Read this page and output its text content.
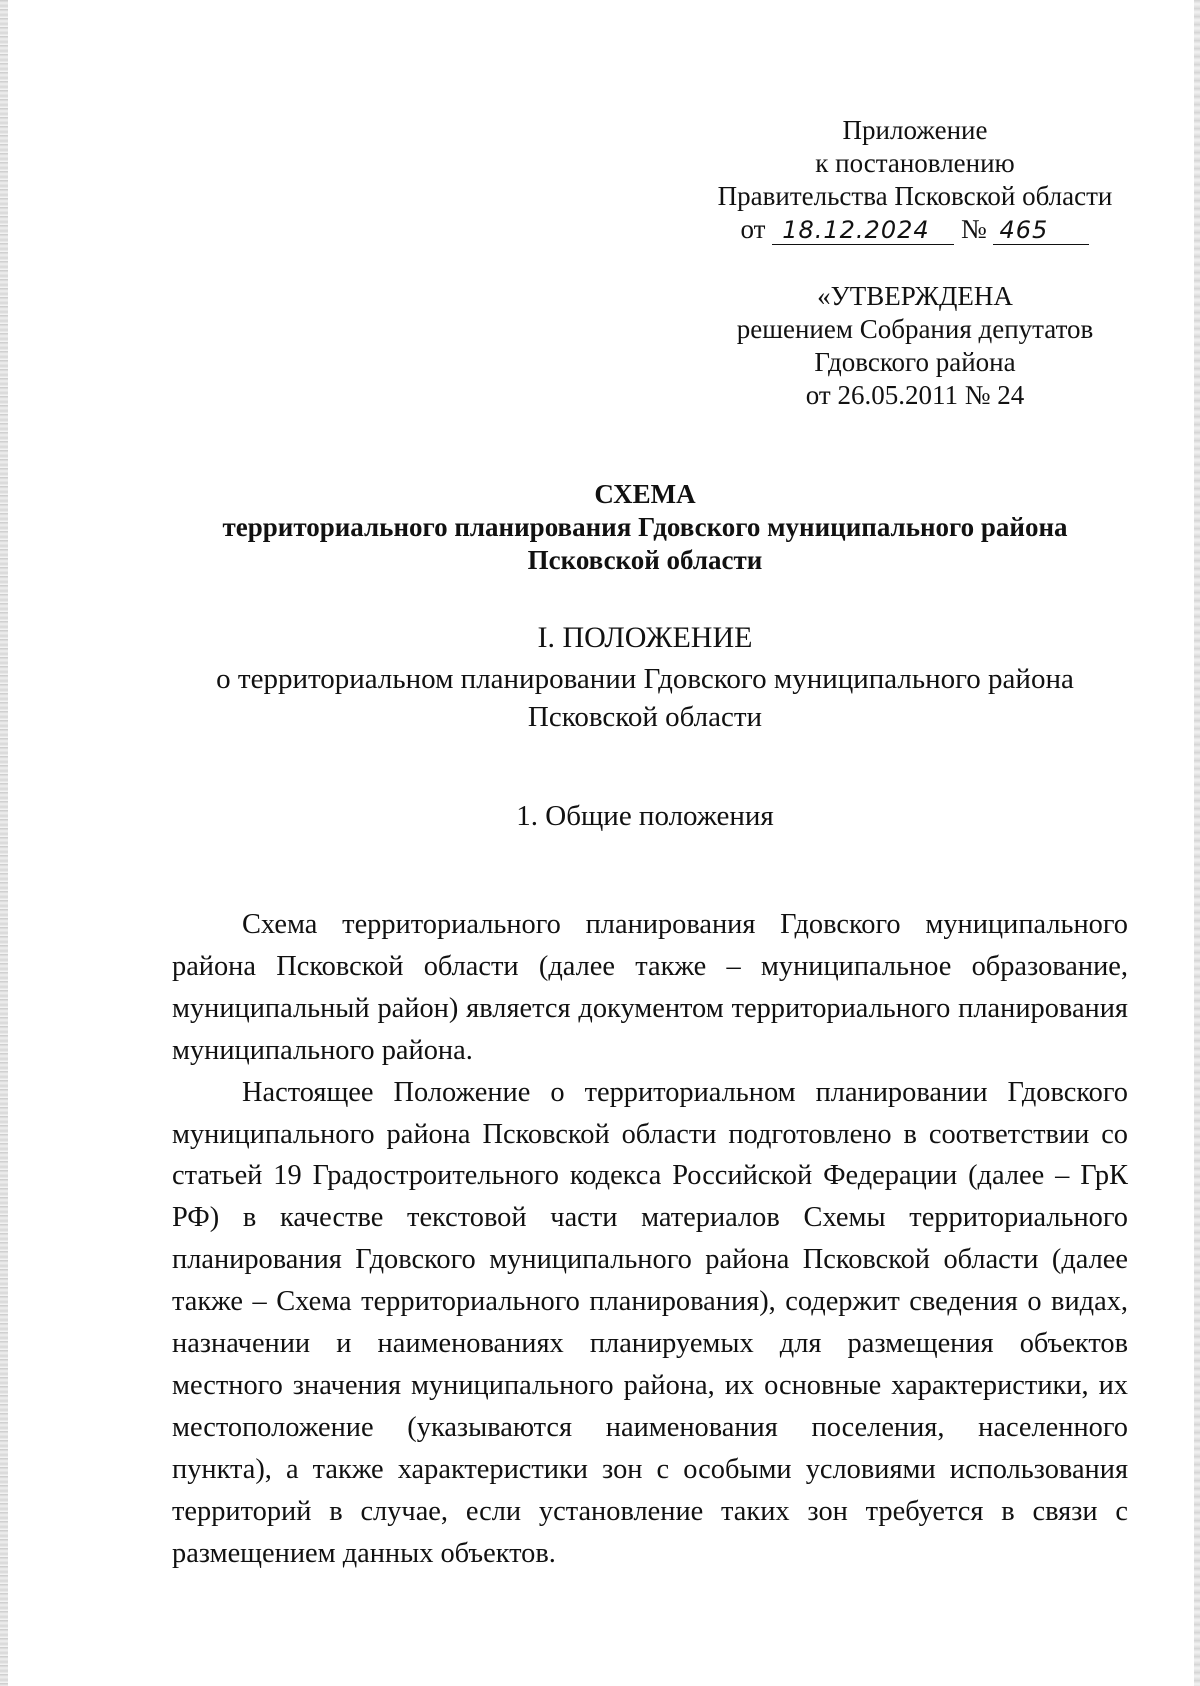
Приложение
к постановлению
Правительства Псковской области
от 18.12.2024 № 465
«УТВЕРЖДЕНА
решением Собрания депутатов
Гдовского района
от 26.05.2011 № 24
СХЕМА
территориального планирования Гдовского муниципального района
Псковской области
I. ПОЛОЖЕНИЕ
о территориальном планировании Гдовского муниципального района
Псковской области
1. Общие положения

Схема территориального планирования Гдовского муниципального района Псковской области (далее также – муниципальное образование, муниципальный район) является документом территориального планирования муниципального района.

Настоящее Положение о территориальном планировании Гдовского муниципального района Псковской области подготовлено в соответствии со статьей 19 Градостроительного кодекса Российской Федерации (далее – ГрК РФ) в качестве текстовой части материалов Схемы территориального планирования Гдовского муниципального района Псковской области (далее также – Схема территориального планирования), содержит сведения о видах, назначении и наименованиях планируемых для размещения объектов местного значения муниципального района, их основные характеристики, их местоположение (указываются наименования поселения, населенного пункта), а также характеристики зон с особыми условиями использования территорий в случае, если установление таких зон требуется в связи с размещением данных объектов.
